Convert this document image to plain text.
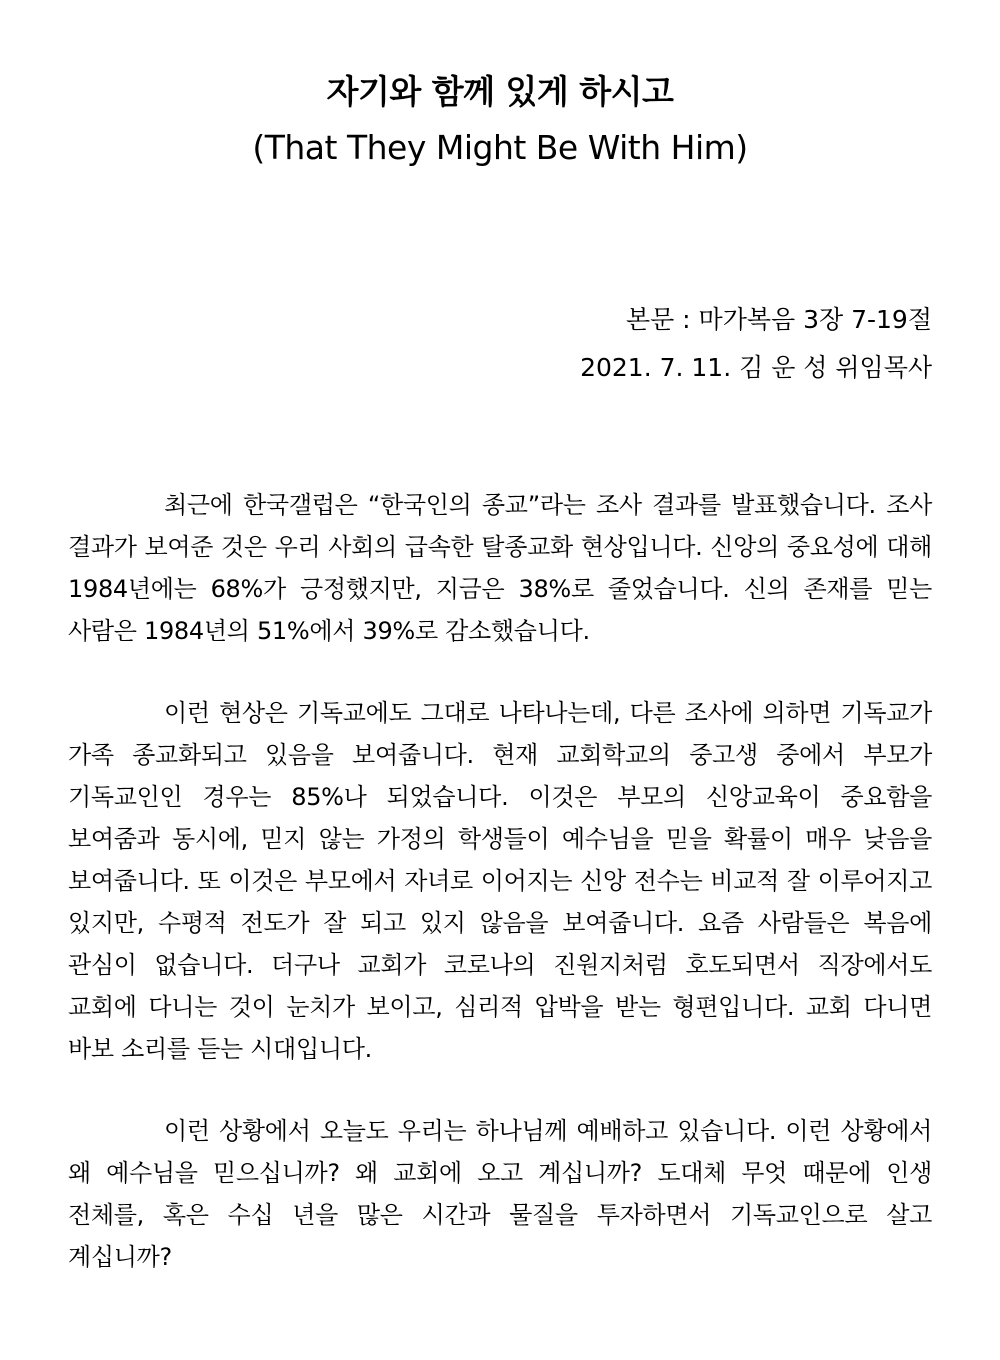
자기와 함께 있게 하시고
(That They Might Be With Him)
본문 : 마가복음 3장 7-19절
2021. 7. 11. 김 운 성 위임목사

최근에 한국갤럽은 “한국인의 종교”라는 조사 결과를 발표했습니다. 조사 결과가 보여준 것은 우리 사회의 급속한 탈종교화 현상입니다. 신앙의 중요성에 대해 1984년에는 68%가 긍정했지만, 지금은 38%로 줄었습니다. 신의 존재를 믿는 사람은 1984년의 51%에서 39%로 감소했습니다.

이런 현상은 기독교에도 그대로 나타나는데, 다른 조사에 의하면 기독교가 가족 종교화되고 있음을 보여줍니다. 현재 교회학교의 중고생 중에서 부모가 기독교인인 경우는 85%나 되었습니다. 이것은 부모의 신앙교육이 중요함을 보여줌과 동시에, 믿지 않는 가정의 학생들이 예수님을 믿을 확률이 매우 낮음을 보여줍니다. 또 이것은 부모에서 자녀로 이어지는 신앙 전수는 비교적 잘 이루어지고 있지만, 수평적 전도가 잘 되고 있지 않음을 보여줍니다. 요즘 사람들은 복음에 관심이 없습니다. 더구나 교회가 코로나의 진원지처럼 호도되면서 직장에서도 교회에 다니는 것이 눈치가 보이고, 심리적 압박을 받는 형편입니다. 교회 다니면 바보 소리를 듣는 시대입니다.

이런 상황에서 오늘도 우리는 하나님께 예배하고 있습니다. 이런 상황에서 왜 예수님을 믿으십니까? 왜 교회에 오고 계십니까? 도대체 무엇 때문에 인생 전체를, 혹은 수십 년을 많은 시간과 물질을 투자하면서 기독교인으로 살고 계십니까?
